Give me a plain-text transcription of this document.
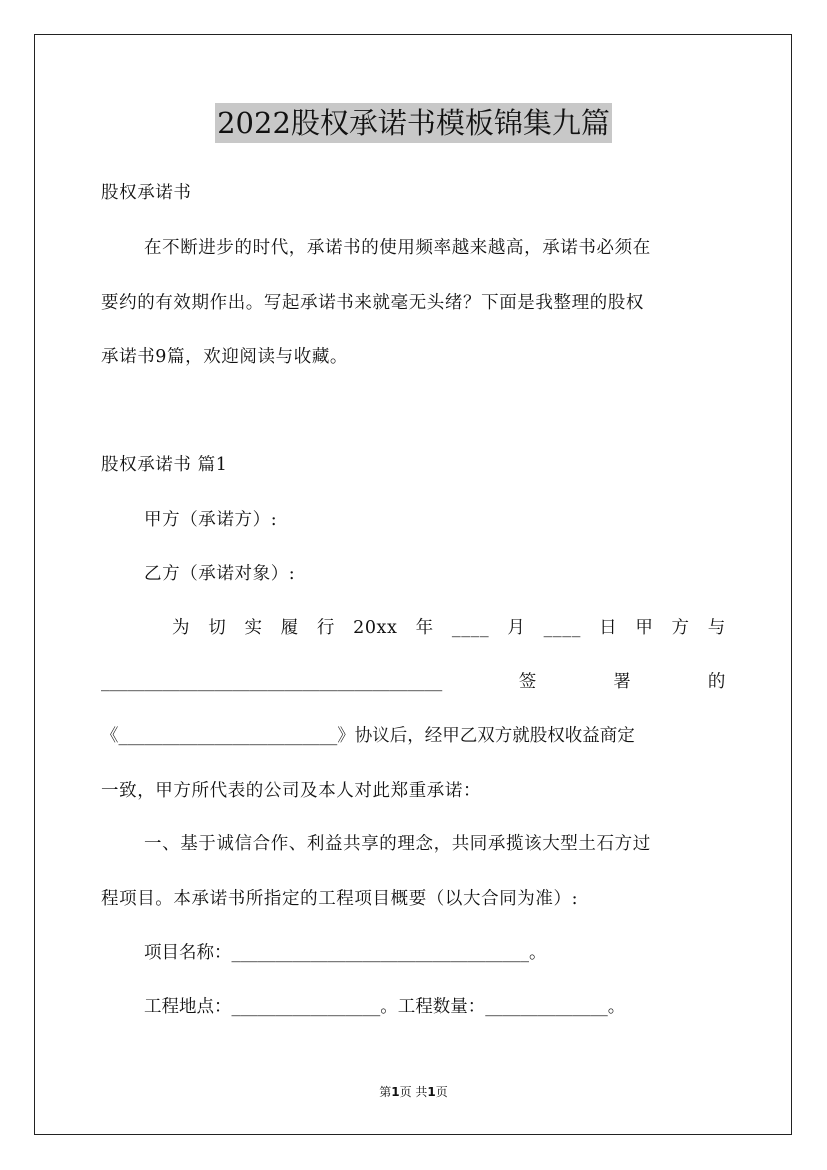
2022股权承诺书模板锦集九篇
股权承诺书
在不断进步的时代，承诺书的使用频率越来越高，承诺书必须在
要约的有效期作出。写起承诺书来就毫无头绪？下面是我整理的股权
承诺书9篇，欢迎阅读与收藏。
股权承诺书 篇1
甲方（承诺方）:
乙方（承诺对象）:
为 切 实 履 行 20xx 年 ____ 月 ____ 日 甲 方 与
_______________________________________	签	署	的
《_________________________》协议后，经甲乙双方就股权收益商定
一致，甲方所代表的公司及本人对此郑重承诺：
一、基于诚信合作、利益共享的理念，共同承揽该大型土石方过
程项目。本承诺书所指定的工程项目概要（以大合同为准）:
项目名称：__________________________________。
工程地点：_________________。工程数量：______________。
第1页 共1页
